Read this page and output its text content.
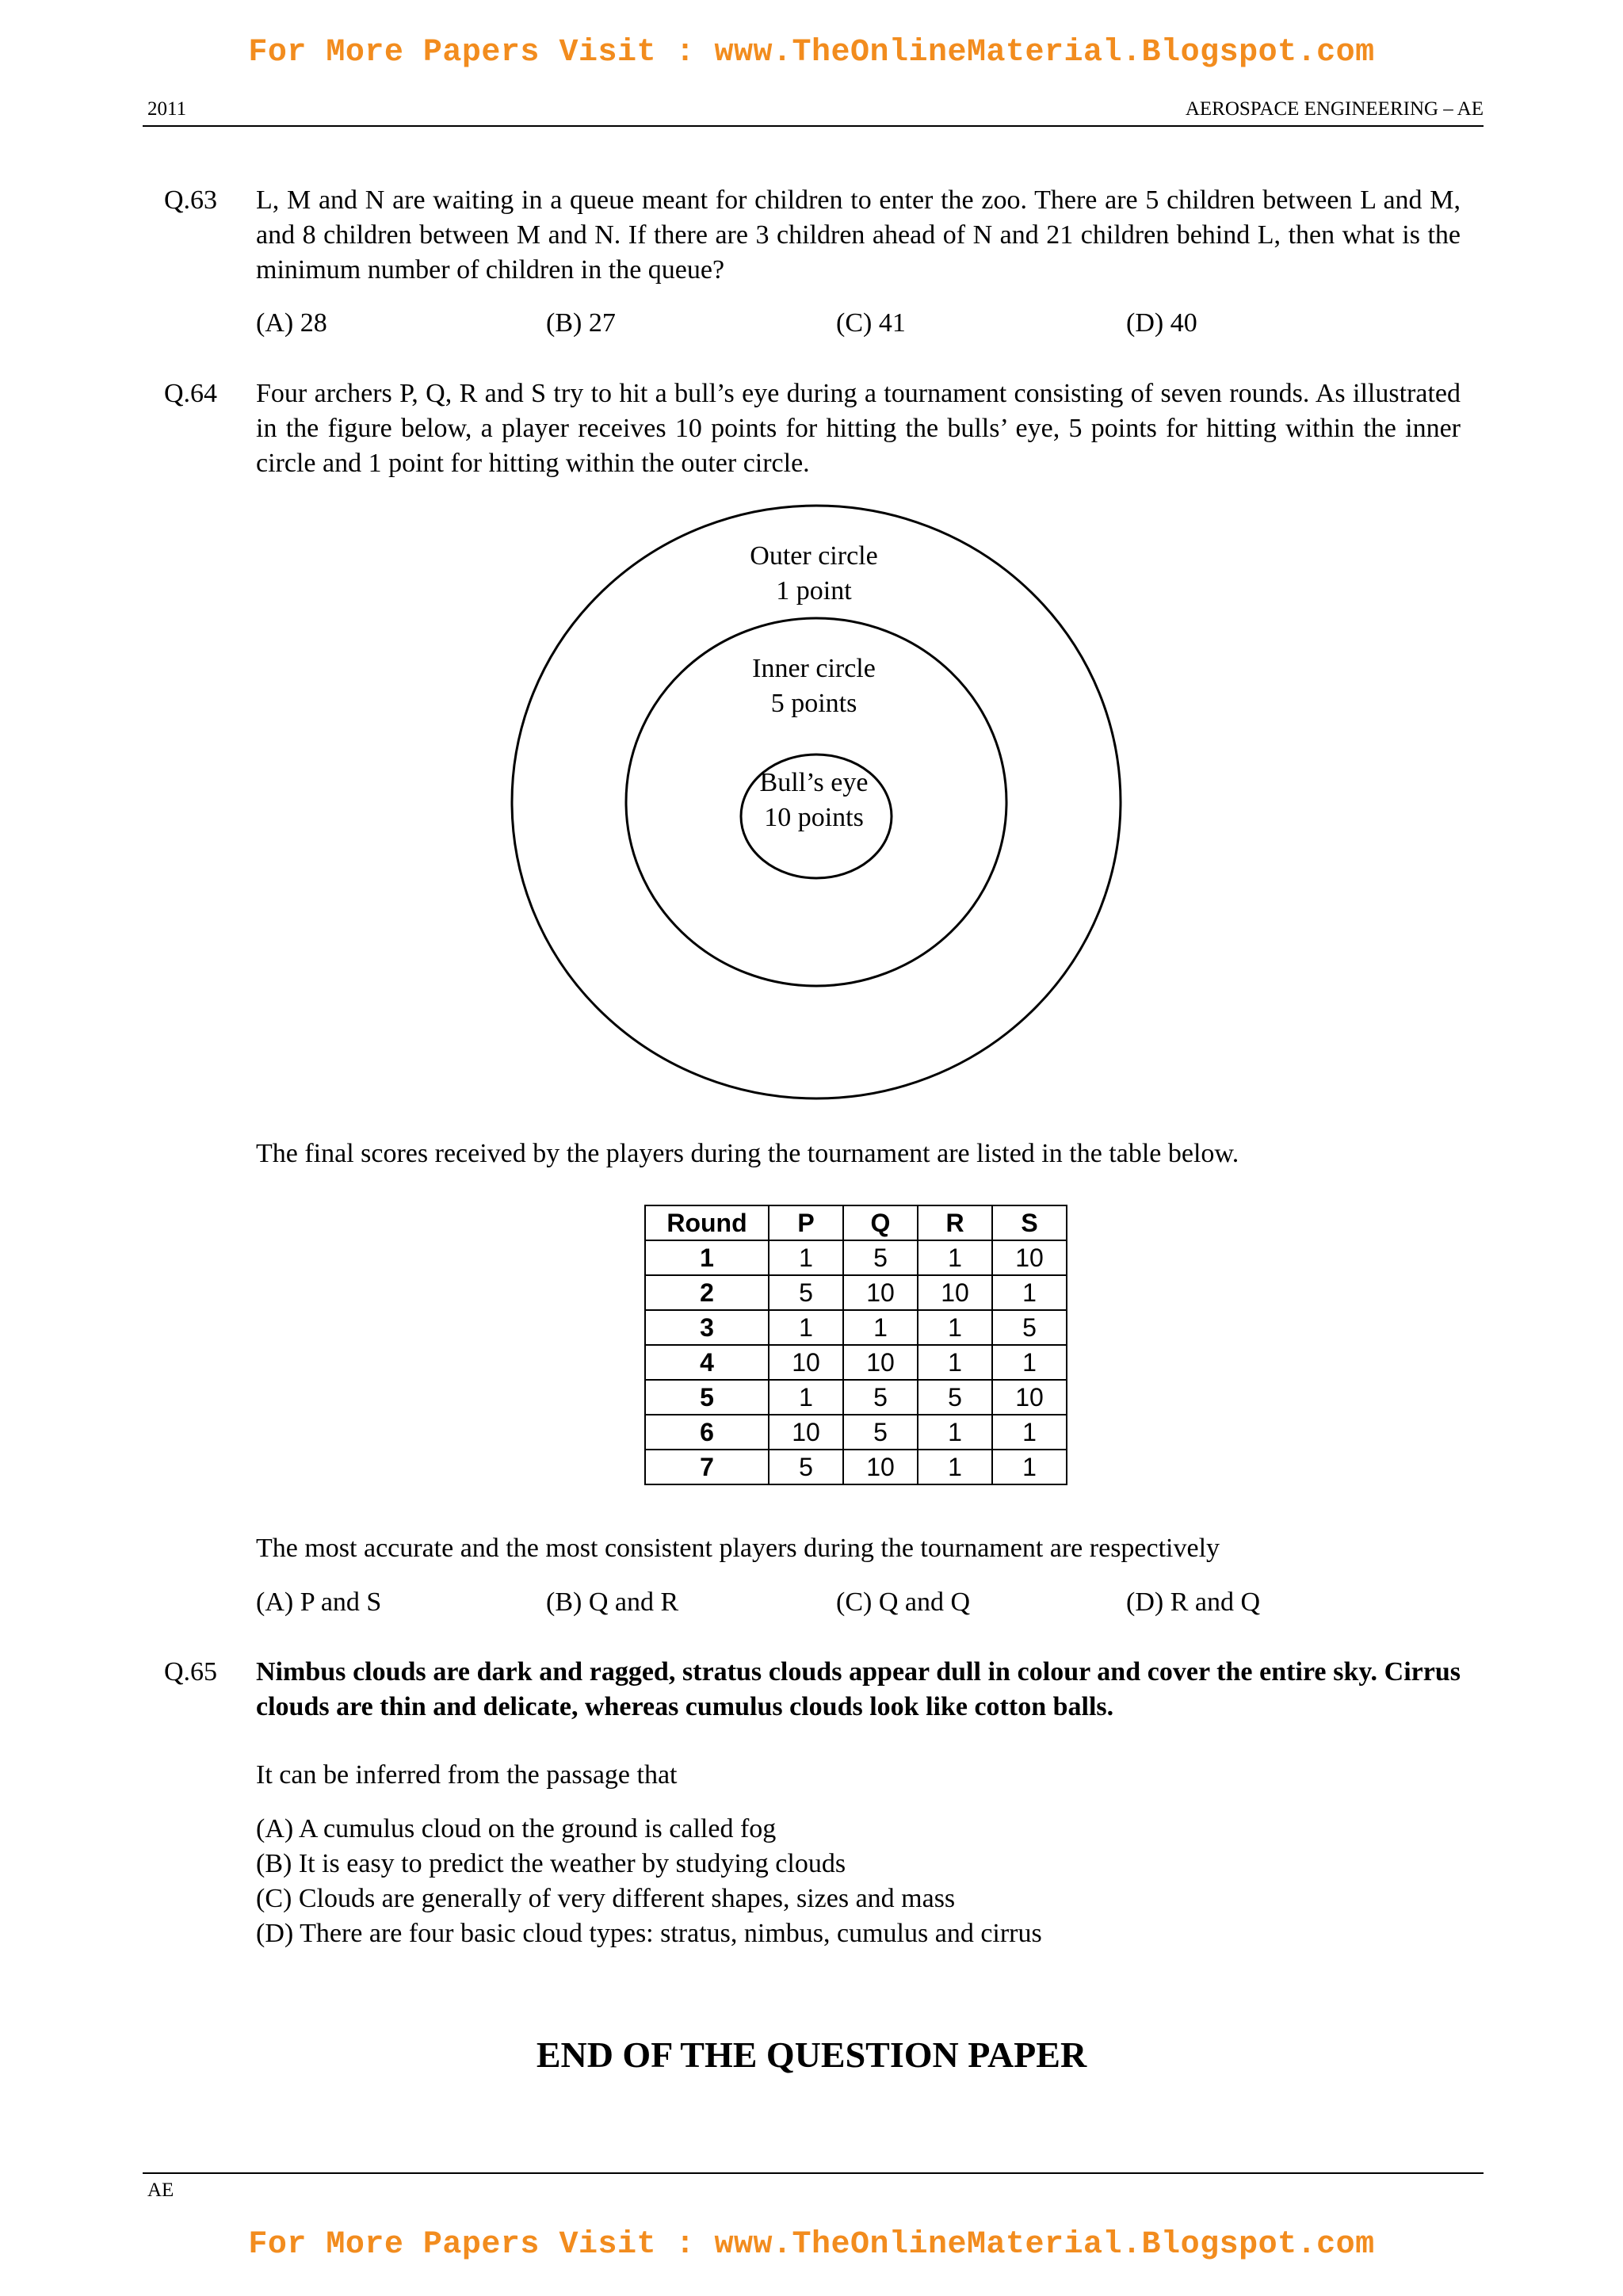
For More Papers Visit : www.TheOnlineMaterial.Blogspot.com
2011	AEROSPACE ENGINEERING – AE
Q.63 L, M and N are waiting in a queue meant for children to enter the zoo. There are 5 children between L and M, and 8 children between M and N. If there are 3 children ahead of N and 21 children behind L, then what is the minimum number of children in the queue?
(A) 28	(B) 27	(C) 41	(D) 40
Q.64 Four archers P, Q, R and S try to hit a bull’s eye during a tournament consisting of seven rounds. As illustrated in the figure below, a player receives 10 points for hitting the bulls’ eye, 5 points for hitting within the inner circle and 1 point for hitting within the outer circle.
Outer circle
1 point
Inner circle
5 points
Bull’s eye
10 points
The final scores received by the players during the tournament are listed in the table below.
Round	P	Q	R	S
1	1	5	1	10
2	5	10	10	1
3	1	1	1	5
4	10	10	1	1
5	1	5	5	10
6	10	5	1	1
7	5	10	1	1
The most accurate and the most consistent players during the tournament are respectively
(A) P and S	(B) Q and R	(C) Q and Q	(D) R and Q
Q.65 Nimbus clouds are dark and ragged, stratus clouds appear dull in colour and cover the entire sky. Cirrus clouds are thin and delicate, whereas cumulus clouds look like cotton balls.
It can be inferred from the passage that
(A) A cumulus cloud on the ground is called fog
(B) It is easy to predict the weather by studying clouds
(C) Clouds are generally of very different shapes, sizes and mass
(D) There are four basic cloud types: stratus, nimbus, cumulus and cirrus
END OF THE QUESTION PAPER
AE
For More Papers Visit : www.TheOnlineMaterial.Blogspot.com
